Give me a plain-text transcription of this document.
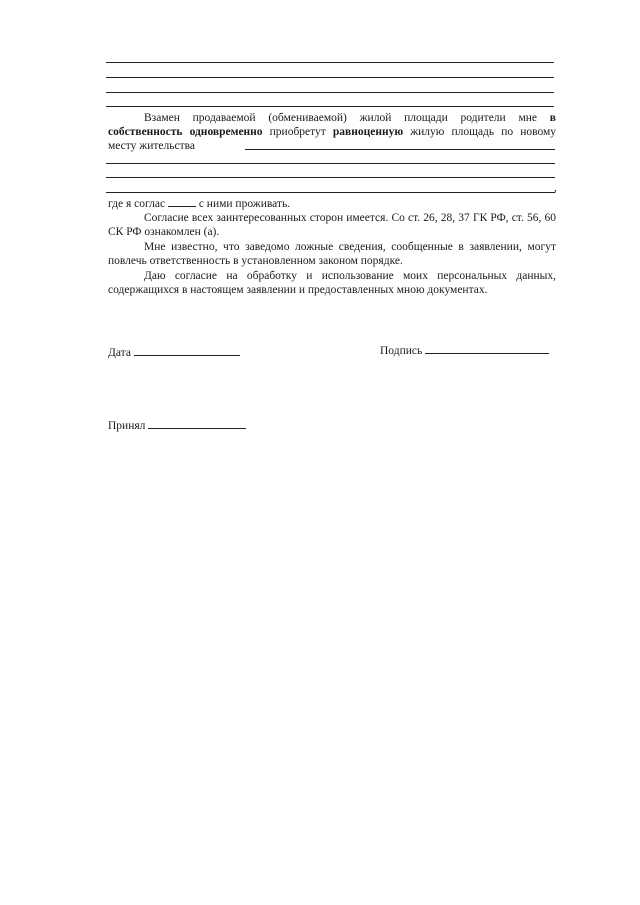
Взамен продаваемой (обмениваемой) жилой площади родители мне в собственность одновременно приобретут равноценную жилую площадь по новому месту жительства
,
где я соглас	с ними проживать.
Согласие всех заинтересованных сторон имеется. Со ст. 26, 28, 37 ГК РФ, ст. 56, 60 СК РФ ознакомлен (а).
Мне известно, что заведомо ложные сведения, сообщенные в заявлении, могут повлечь ответственность в установленном законом порядке.
Даю согласие на обработку и использование моих персональных данных, содержащихся в настоящем заявлении и предоставленных мною документах.
Дата	Подпись
Принял
